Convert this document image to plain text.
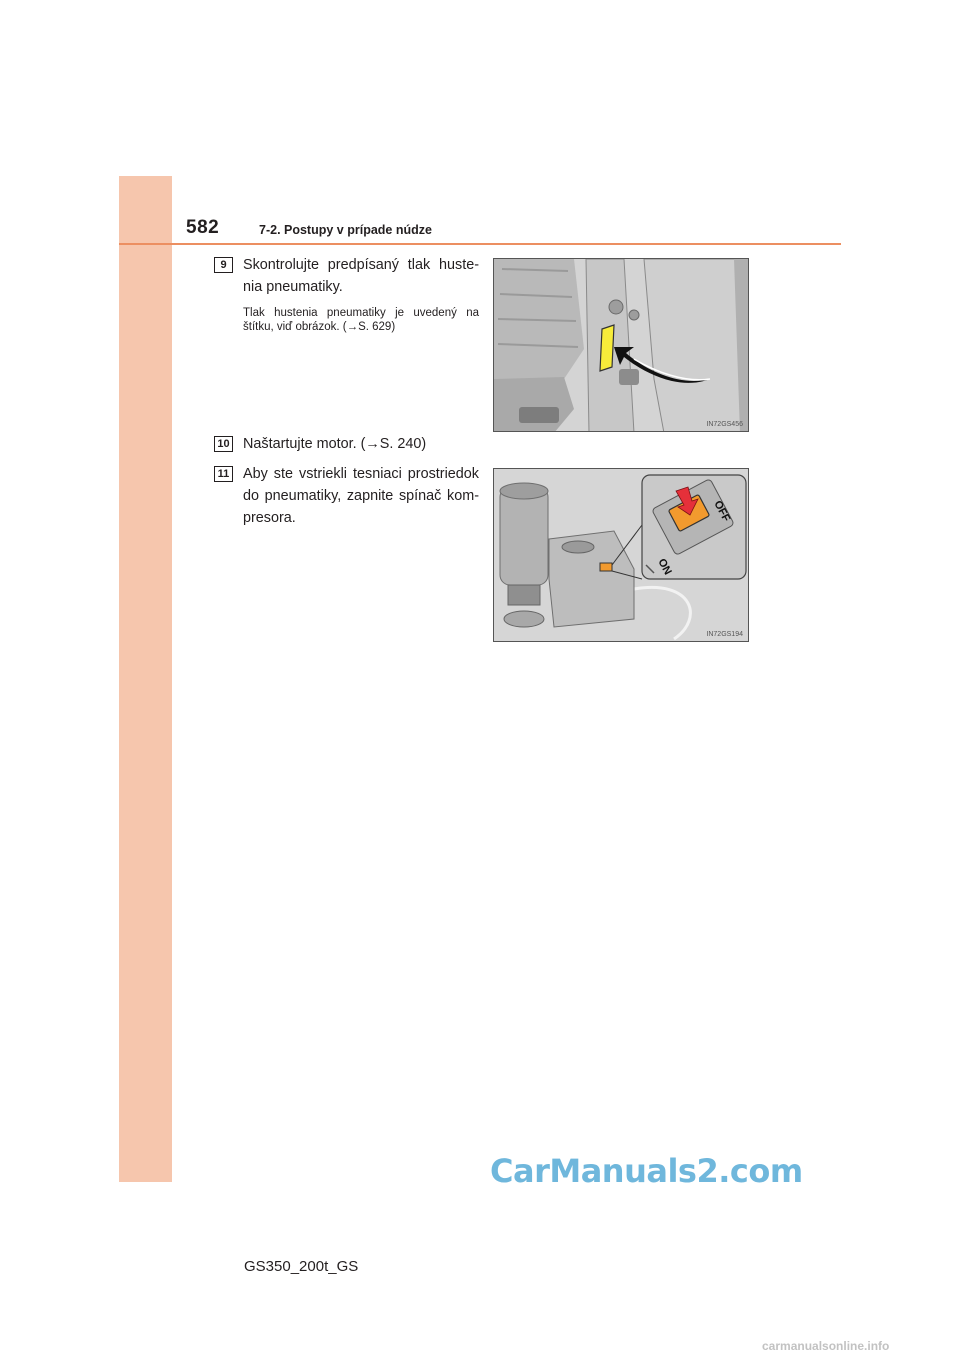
582	7-2. Postupy v prípade núdze
9	Skontrolujte predpísaný tlak huste-nia pneumatiky.
Tlak hustenia pneumatiky je uvedený na štítku, viď obrázok. (→S. 629)
IN72GS456
10 Naštartujte motor. (→S. 240)
11 Aby ste vstriekli tesniaci prostriedok do pneumatiky, zapnite spínač kom-presora.
ON
OFF
IN72GS194
GS350_200t_GS
CarManuals2.com
carmanualsonline.info
